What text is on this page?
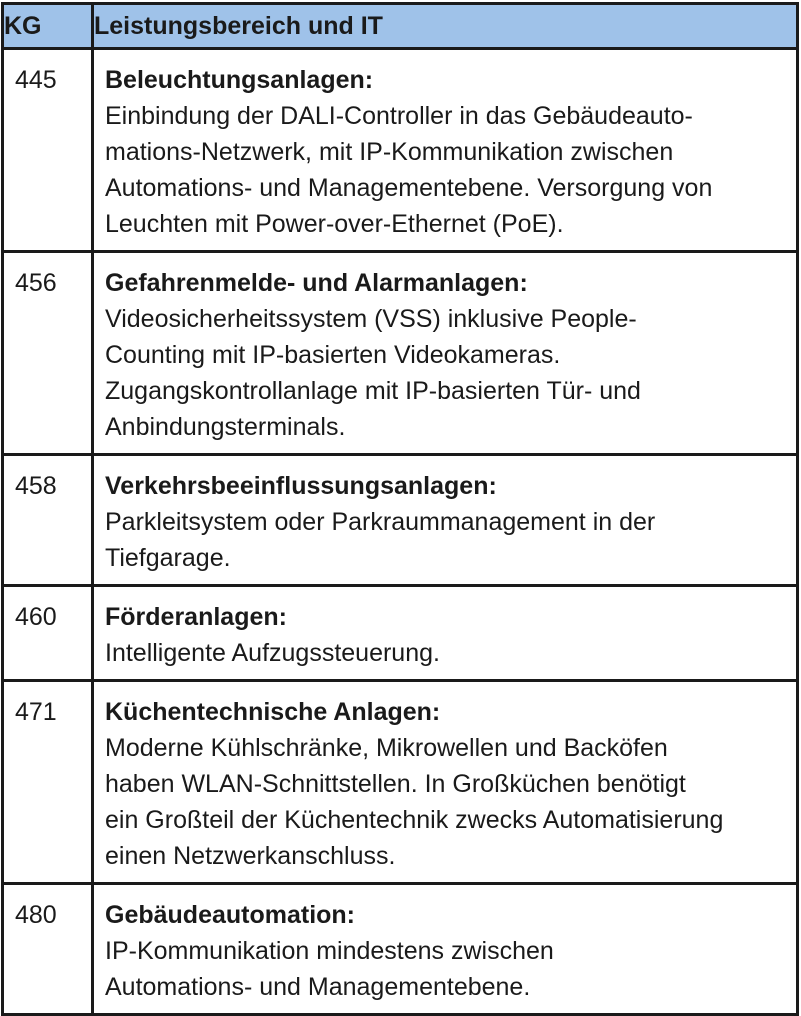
KG	Leistungsbereich und IT
445	Beleuchtungsanlagen:
Einbindung der DALI-Controller in das Gebäudeauto-
mations-Netzwerk, mit IP-Kommunikation zwischen
Automations- und Managementebene. Versorgung von
Leuchten mit Power-over-Ethernet (PoE).

456	Gefahrenmelde- und Alarmanlagen:
Videosicherheitssystem (VSS) inklusive People-
Counting mit IP-basierten Videokameras.
Zugangskontrollanlage mit IP-basierten Tür- und
Anbindungsterminals.

458	Verkehrsbeeinflussungsanlagen:
Parkleitsystem oder Parkraummanagement in der
Tiefgarage.

460	Förderanlagen:
Intelligente Aufzugssteuerung.

471	Küchentechnische Anlagen:
Moderne Kühlschränke, Mikrowellen und Backöfen
haben WLAN-Schnittstellen. In Großküchen benötigt
ein Großteil der Küchentechnik zwecks Automatisierung
einen Netzwerkanschluss.

480	Gebäudeautomation:
IP-Kommunikation mindestens zwischen
Automations- und Managementebene.
